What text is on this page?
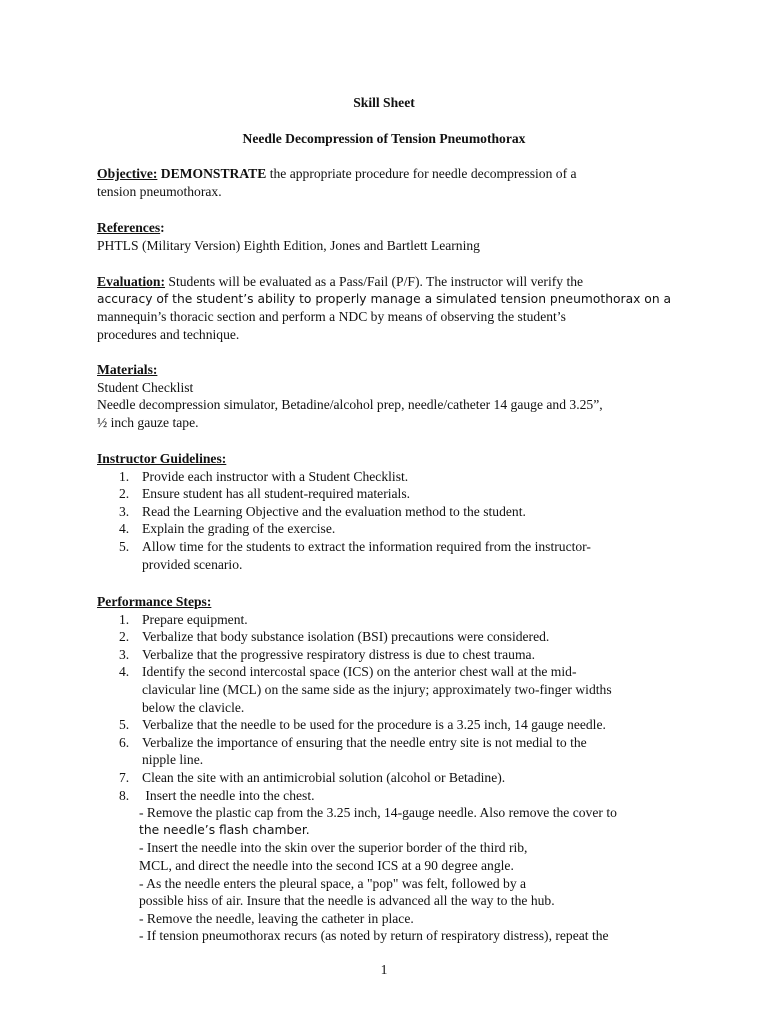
Skill Sheet
Needle Decompression of Tension Pneumothorax
Objective: DEMONSTRATE the appropriate procedure for needle decompression of a
tension pneumothorax.
References:
PHTLS (Military Version) Eighth Edition, Jones and Bartlett Learning
Evaluation: Students will be evaluated as a Pass/Fail (P/F). The instructor will verify the
accuracy of the student’s ability to properly manage a simulated tension pneumothorax on a
mannequin’s thoracic section and perform a NDC by means of observing the student’s
procedures and technique.
Materials:
Student Checklist
Needle decompression simulator, Betadine/alcohol prep, needle/catheter 14 gauge and 3.25”,
½ inch gauze tape.
Instructor Guidelines:
1. Provide each instructor with a Student Checklist.
2. Ensure student has all student-required materials.
3. Read the Learning Objective and the evaluation method to the student.
4. Explain the grading of the exercise.
5. Allow time for the students to extract the information required from the instructor-
provided scenario.
Performance Steps:
1. Prepare equipment.
2. Verbalize that body substance isolation (BSI) precautions were considered.
3. Verbalize that the progressive respiratory distress is due to chest trauma.
4. Identify the second intercostal space (ICS) on the anterior chest wall at the mid-
clavicular line (MCL) on the same side as the injury; approximately two-finger widths
below the clavicle.
5. Verbalize that the needle to be used for the procedure is a 3.25 inch, 14 gauge needle.
6. Verbalize the importance of ensuring that the needle entry site is not medial to the
nipple line.
7. Clean the site with an antimicrobial solution (alcohol or Betadine).
8. Insert the needle into the chest.
- Remove the plastic cap from the 3.25 inch, 14-gauge needle. Also remove the cover to
the needle’s flash chamber.
- Insert the needle into the skin over the superior border of the third rib,
MCL, and direct the needle into the second ICS at a 90 degree angle.
- As the needle enters the pleural space, a "pop" was felt, followed by a
possible hiss of air. Insure that the needle is advanced all the way to the hub.
- Remove the needle, leaving the catheter in place.
- If tension pneumothorax recurs (as noted by return of respiratory distress), repeat the
1
